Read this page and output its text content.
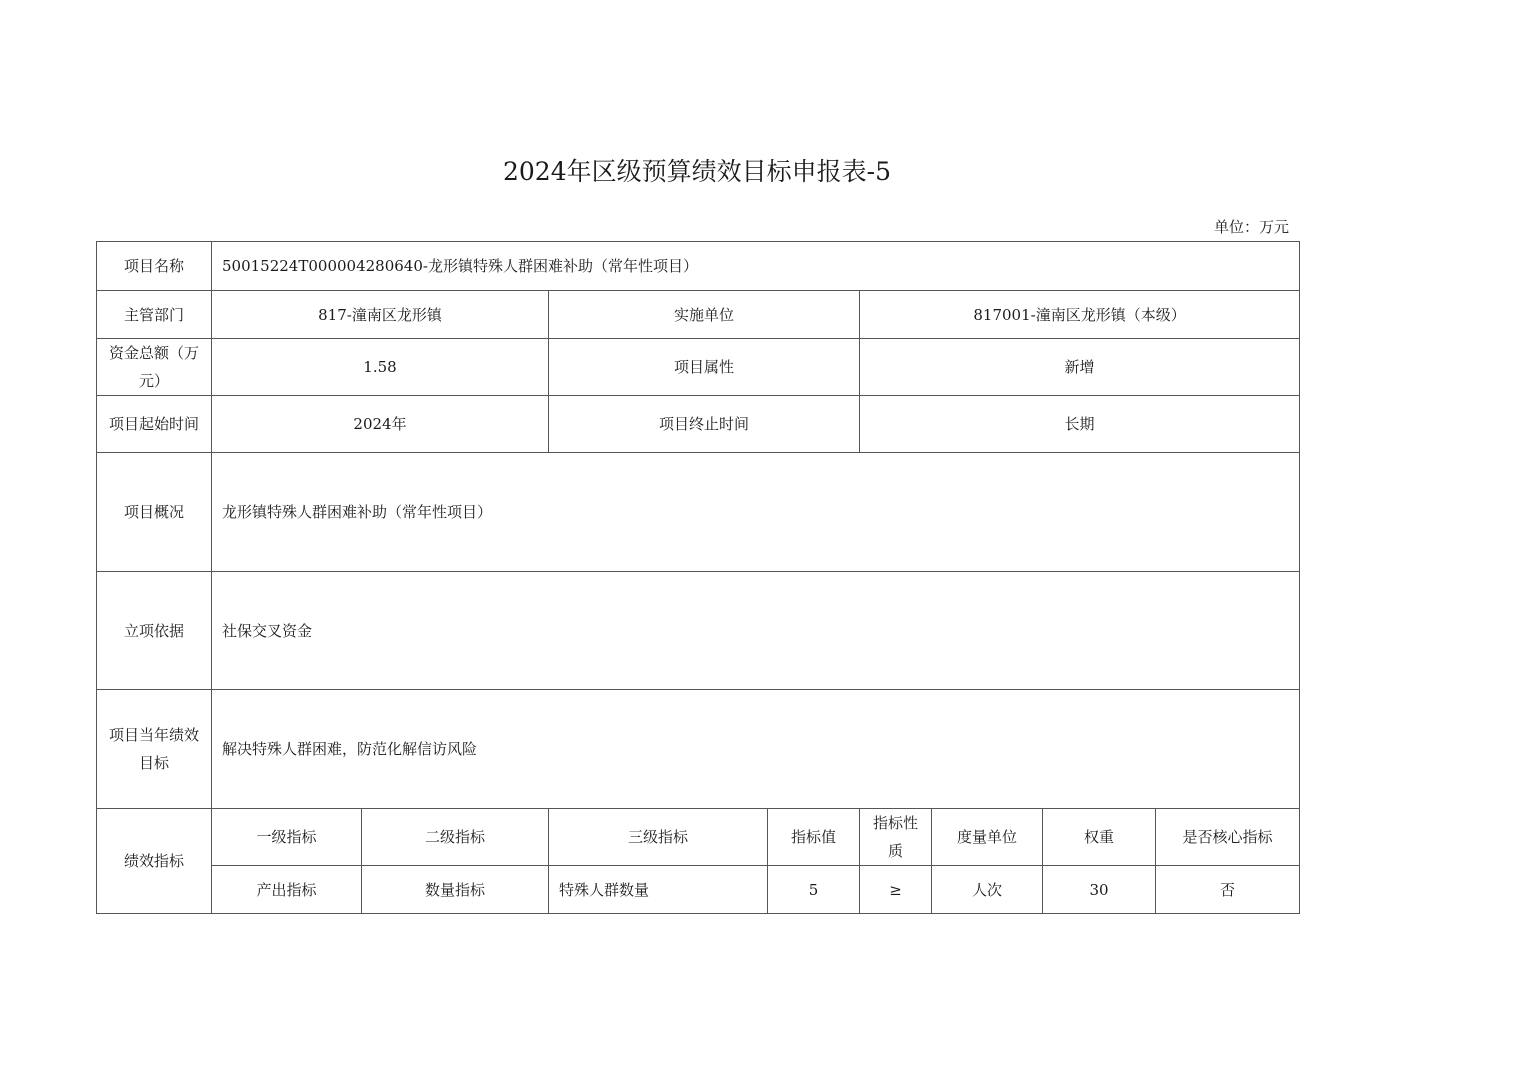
2024年区级预算绩效目标申报表-5
单位：万元
项目名称	50015224T000004280640-龙形镇特殊人群困难补助（常年性项目）							
主管部门	817-潼南区龙形镇		实施单位		817001-潼南区龙形镇（本级）			
资金总额（万元）	1.58		项目属性		新增			
项目起始时间	2024年		项目终止时间		长期			
项目概况	龙形镇特殊人群困难补助（常年性项目）							
立项依据	社保交叉资金							
项目当年绩效目标	解决特殊人群困难，防范化解信访风险							
绩效指标	一级指标	二级指标	三级指标	指标值	指标性质	度量单位	权重	是否核心指标
	产出指标	数量指标	特殊人群数量	5	≥	人次	30	否
